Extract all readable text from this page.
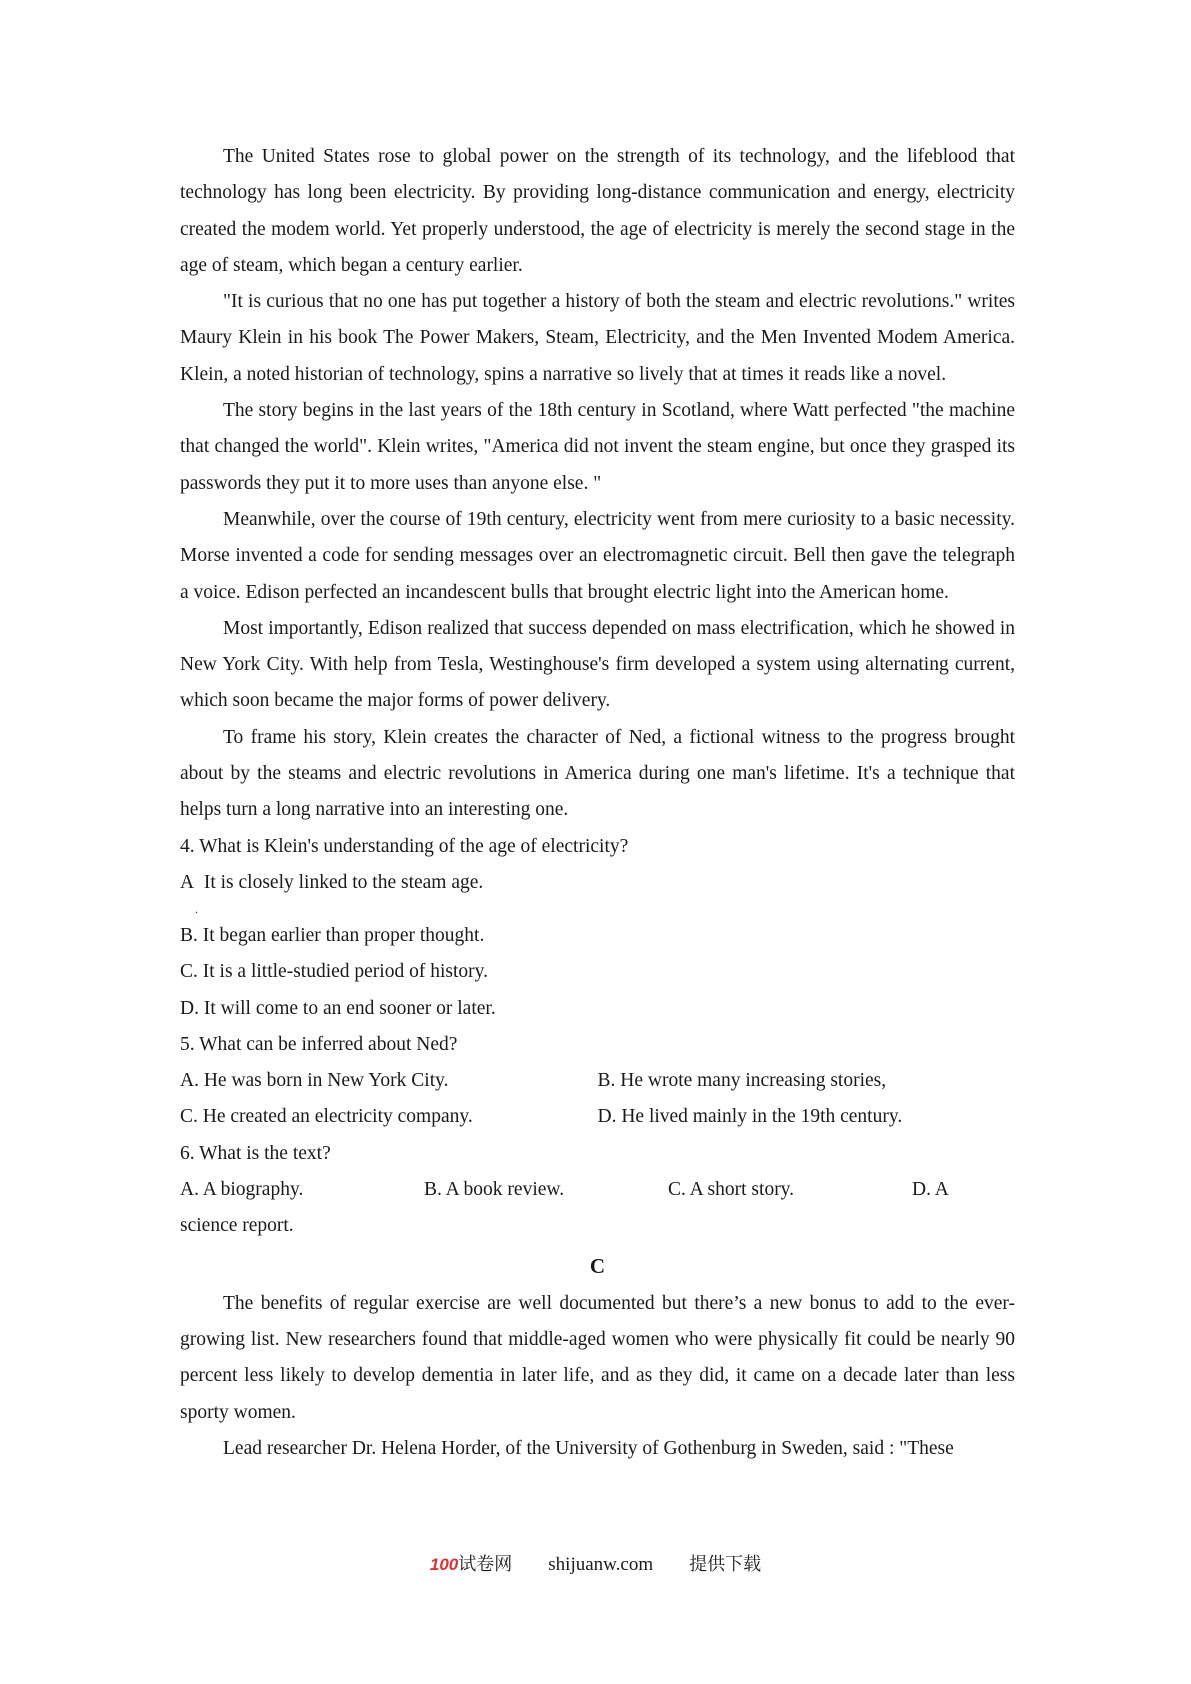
The United States rose to global power on the strength of its technology, and the lifeblood that technology has long been electricity. By providing long-distance communication and energy, electricity created the modem world. Yet properly understood, the age of electricity is merely the second stage in the age of steam, which began a century earlier.

"It is curious that no one has put together a history of both the steam and electric revolutions." writes Maury Klein in his book The Power Makers, Steam, Electricity, and the Men Invented Modem America. Klein, a noted historian of technology, spins a narrative so lively that at times it reads like a novel.

The story begins in the last years of the 18th century in Scotland, where Watt perfected "the machine that changed the world". Klein writes, "America did not invent the steam engine, but once they grasped its passwords they put it to more uses than anyone else. "

Meanwhile, over the course of 19th century, electricity went from mere curiosity to a basic necessity. Morse invented a code for sending messages over an electromagnetic circuit. Bell then gave the telegraph a voice. Edison perfected an incandescent bulls that brought electric light into the American home.

Most importantly, Edison realized that success depended on mass electrification, which he showed in New York City. With help from Tesla, Westinghouse's firm developed a system using alternating current, which soon became the major forms of power delivery.

To frame his story, Klein creates the character of Ned, a fictional witness to the progress brought about by the steams and electric revolutions in America during one man's lifetime. It's a technique that helps turn a long narrative into an interesting one.

4. What is Klein's understanding of the age of electricity?

A It is closely linked to the steam age.
.

B. It began earlier than proper thought.

C. It is a little-studied period of history.

D. It will come to an end sooner or later.

5. What can be inferred about Ned?

A. He was born in New York City.	B. He wrote many increasing stories,
C. He created an electricity company.	D. He lived mainly in the 19th century.

6. What is the text?

A. A biography.	B. A book review.	C. A short story.	D. A

science report.

C

The benefits of regular exercise are well documented but there’s a new bonus to add to the ever-growing list. New researchers found that middle-aged women who were physically fit could be nearly 90 percent less likely to develop dementia in later life, and as they did, it came on a decade later than less sporty women.

Lead researcher Dr. Helena Horder, of the University of Gothenburg in Sweden, said : "These

100试卷网 shijuanw.com 提供下载
